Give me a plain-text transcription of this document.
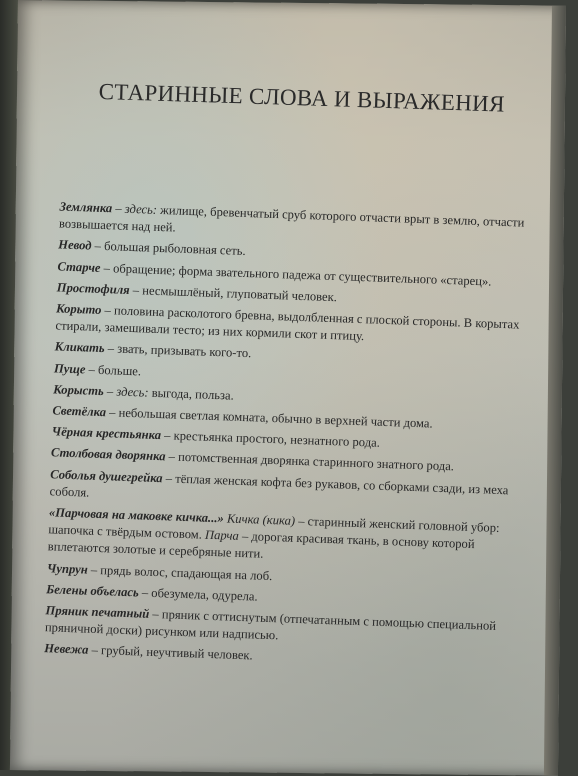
СТАРИННЫЕ СЛОВА И ВЫРАЖЕНИЯ

Землянка – здесь: жилище, бревенчатый сруб которого отчасти врыт в землю, отчасти возвышается над ней.

Невод – большая рыболовная сеть.

Старче – обращение; форма звательного падежа от существительного «старец».

Простофиля – несмышлёный, глуповатый человек.

Корыто – половина расколотого бревна, выдолбленная с плоской стороны. В корытах стирали, замешивали тесто; из них кормили скот и птицу.

Кликать – звать, призывать кого-то.

Пуще – больше.

Корысть – здесь: выгода, польза.

Светёлка – небольшая светлая комната, обычно в верхней части дома.

Чёрная крестьянка – крестьянка простого, незнатного рода.

Столбовая дворянка – потомственная дворянка старинного знатного рода.

Соболья душегрейка – тёплая женская кофта без рукавов, со сборками сзади, из меха соболя.

«Парчовая на маковке кичка...» Кичка (кика) – старинный женский головной убор: шапочка с твёрдым остовом. Парча – дорогая красивая ткань, в основу которой вплетаются золотые и серебряные нити.

Чупрун – прядь волос, спадающая на лоб.

Белены объелась – обезумела, одурела.

Пряник печатный – пряник с оттиснутым (отпечатанным с помощью специальной пряничной доски) рисунком или надписью.

Невежа – грубый, неучтивый человек.
